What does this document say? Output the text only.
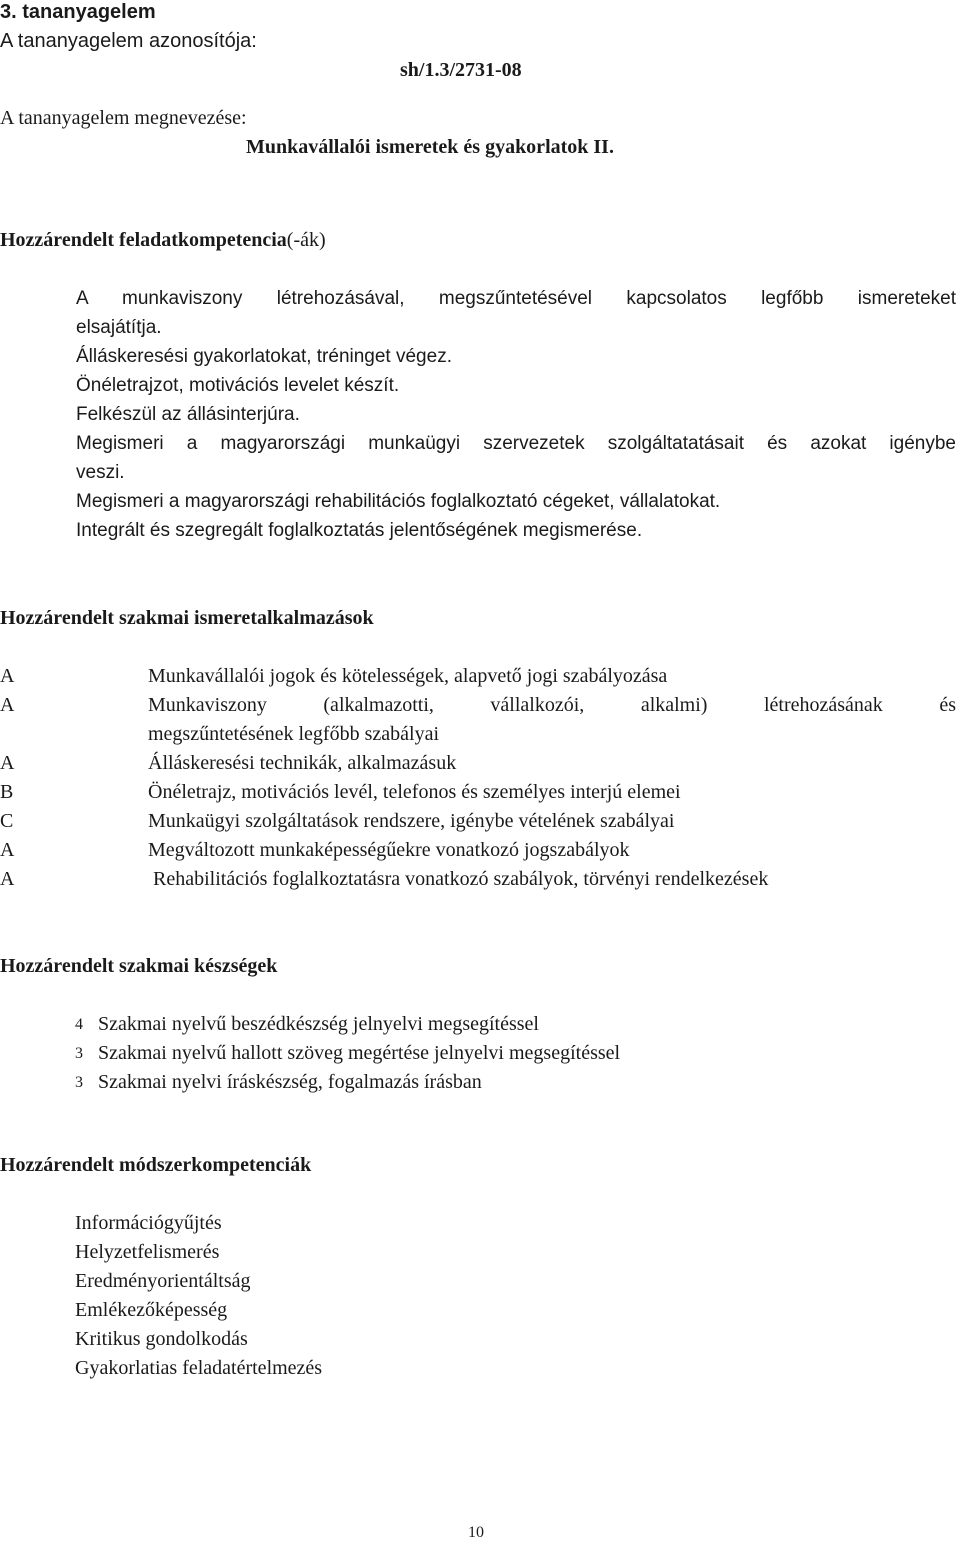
3. tananyagelem
A tananyagelem azonosítója:
sh/1.3/2731-08
A tananyagelem megnevezése:
Munkavállalói ismeretek és gyakorlatok II.
Hozzárendelt feladatkompetencia(-ák)
A munkaviszony létrehozásával, megszűntetésével kapcsolatos legfőbb ismereteket
elsajátítja.
Álláskeresési gyakorlatokat, tréninget végez.
Önéletrajzot, motivációs levelet készít.
Felkészül az állásinterjúra.
Megismeri a magyarországi munkaügyi szervezetek szolgáltatatásait és azokat igénybe
veszi.
Megismeri a magyarországi rehabilitációs foglalkoztató cégeket, vállalatokat.
Integrált és szegregált foglalkoztatás jelentőségének megismerése.
Hozzárendelt szakmai ismeretalkalmazások
A	Munkavállalói jogok és kötelességek, alapvető jogi szabályozása
A	Munkaviszony (alkalmazotti, vállalkozói, alkalmi) létrehozásának és
megszűntetésének legfőbb szabályai
A	Álláskeresési technikák, alkalmazásuk
B	Önéletrajz, motivációs levél, telefonos és személyes interjú elemei
C	Munkaügyi szolgáltatások rendszere, igénybe vételének szabályai
A	Megváltozott munkaképességűekre vonatkozó jogszabályok
A	Rehabilitációs foglalkoztatásra vonatkozó szabályok, törvényi rendelkezések
Hozzárendelt szakmai készségek
4 Szakmai nyelvű beszédkészség jelnyelvi megsegítéssel
3 Szakmai nyelvű hallott szöveg megértése jelnyelvi megsegítéssel
3 Szakmai nyelvi íráskészség, fogalmazás írásban
Hozzárendelt módszerkompetenciák
Információgyűjtés
Helyzetfelismerés
Eredményorientáltság
Emlékezőképesség
Kritikus gondolkodás
Gyakorlatias feladatértelmezés
10
